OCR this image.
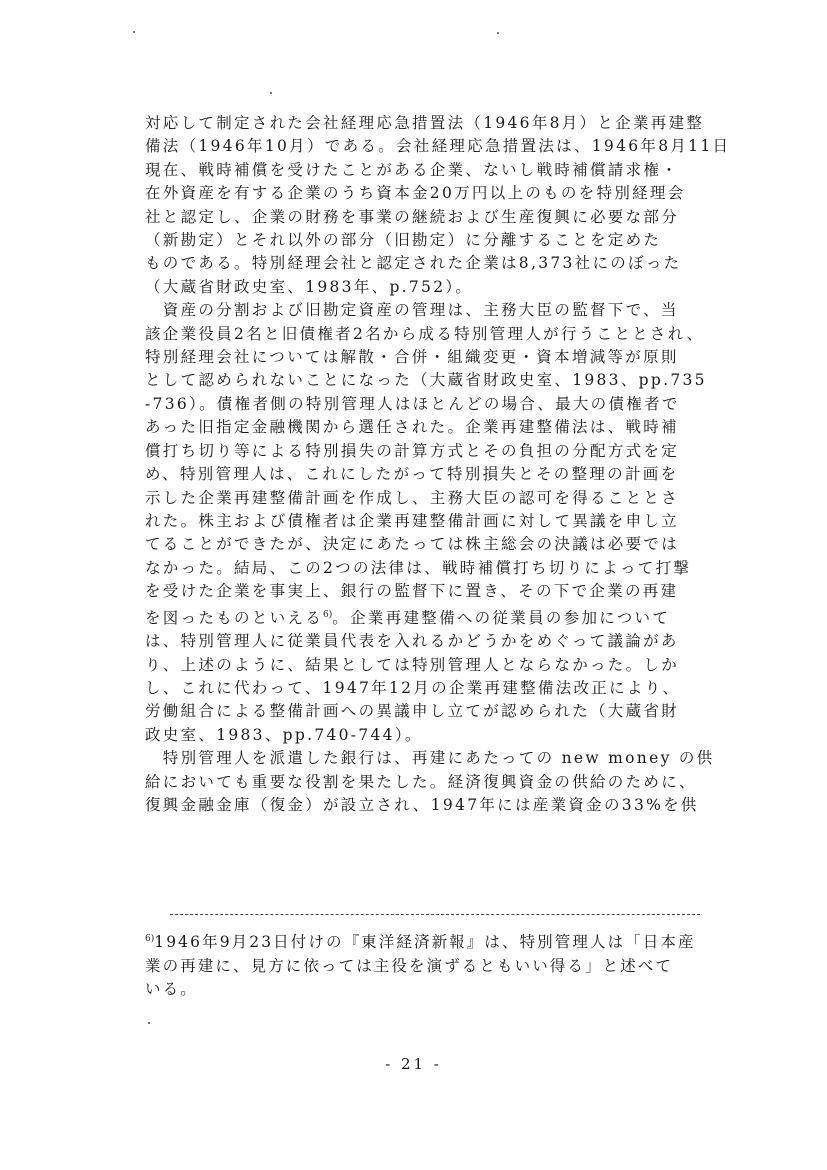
対応して制定された会社経理応急措置法（1946年8月）と企業再建整
備法（1946年10月）である。会社経理応急措置法は、1946年8月11日
現在、戦時補償を受けたことがある企業、ないし戦時補償請求権・
在外資産を有する企業のうち資本金20万円以上のものを特別経理会
社と認定し、企業の財務を事業の継続および生産復興に必要な部分
（新勘定）とそれ以外の部分（旧勘定）に分離することを定めた
ものである。特別経理会社と認定された企業は8,373社にのぼった
（大蔵省財政史室、1983年、p.752）。
　資産の分割および旧勘定資産の管理は、主務大臣の監督下で、当
該企業役員2名と旧債権者2名から成る特別管理人が行うこととされ、
特別経理会社については解散・合併・組織変更・資本増減等が原則
として認められないことになった（大蔵省財政史室、1983、pp.735
-736）。債権者側の特別管理人はほとんどの場合、最大の債権者で
あった旧指定金融機関から選任された。企業再建整備法は、戦時補
償打ち切り等による特別損失の計算方式とその負担の分配方式を定
め、特別管理人は、これにしたがって特別損失とその整理の計画を
示した企業再建整備計画を作成し、主務大臣の認可を得ることとさ
れた。株主および債権者は企業再建整備計画に対して異議を申し立
てることができたが、決定にあたっては株主総会の決議は必要では
なかった。結局、この2つの法律は、戦時補償打ち切りによって打撃
を受けた企業を事実上、銀行の監督下に置き、その下で企業の再建
を図ったものといえる$^{6)}$。企業再建整備への従業員の参加について
は、特別管理人に従業員代表を入れるかどうかをめぐって議論があ
り、上述のように、結果としては特別管理人とならなかった。しか
し、これに代わって、1947年12月の企業再建整備法改正により、
労働組合による整備計画への異議申し立てが認められた（大蔵省財
政史室、1983、pp.740-744）。
　特別管理人を派遣した銀行は、再建にあたっての new money の供
給においても重要な役割を果たした。経済復興資金の供給のために、
復興金融金庫（復金）が設立され、1947年には産業資金の33%を供
$^{6)}$1946年9月23日付けの『東洋経済新報』は、特別管理人は「日本産
業の再建に、見方に依っては主役を演ずるともいい得る」と述べて
いる。
- 21 -
